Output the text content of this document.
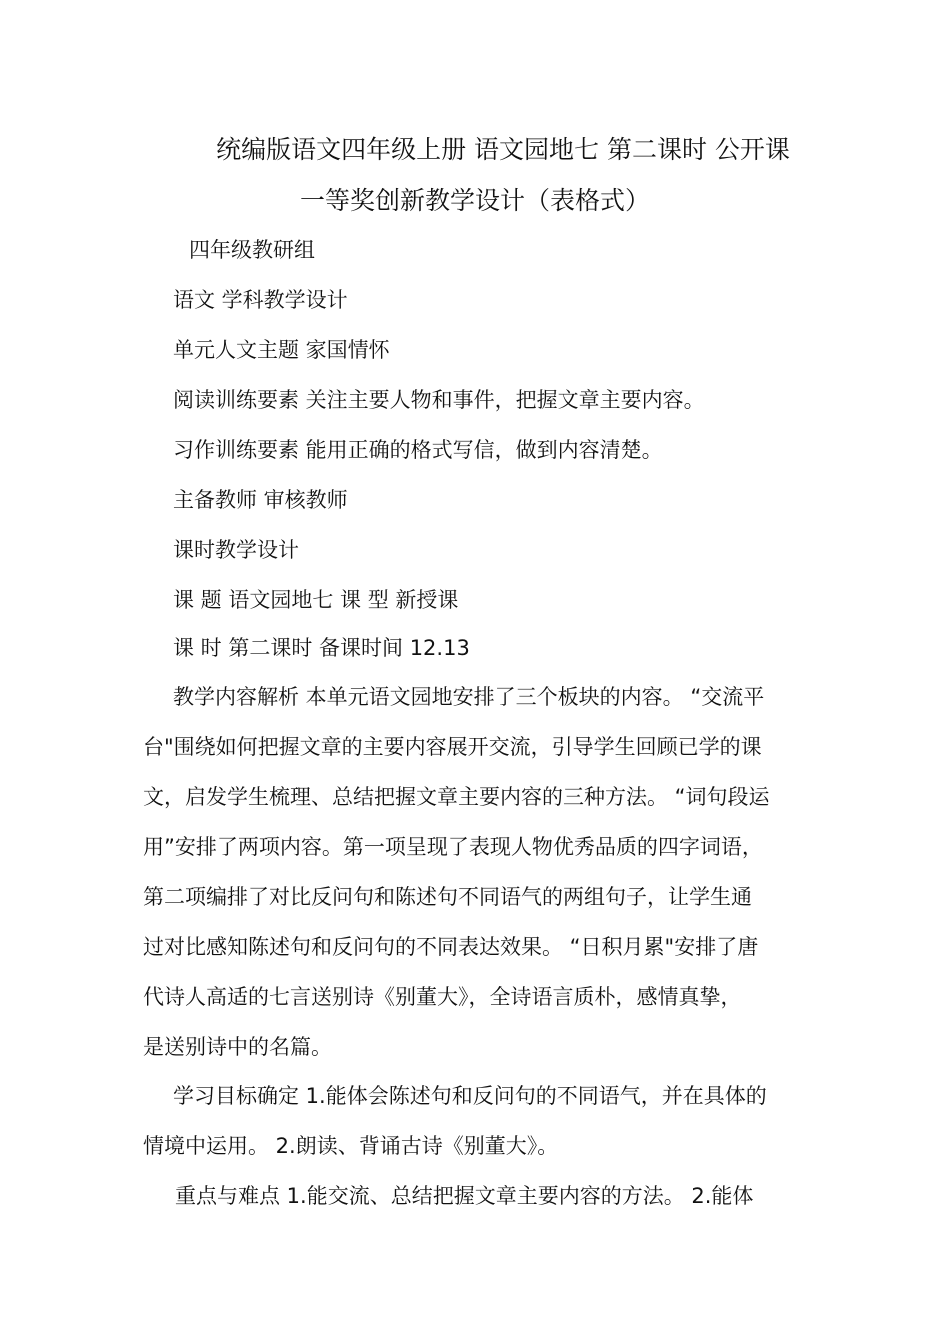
统编版语文四年级上册 语文园地七 第二课时 公开课
一等奖创新教学设计（表格式）
四年级教研组
语文 学科教学设计
单元人文主题 家国情怀
阅读训练要素 关注主要人物和事件，把握文章主要内容。
习作训练要素 能用正确的格式写信，做到内容清楚。
主备教师 审核教师
课时教学设计
课 题 语文园地七 课 型 新授课
课 时 第二课时 备课时间 12.13
教学内容解析 本单元语文园地安排了三个板块的内容。 “交流平
台"围绕如何把握文章的主要内容展开交流，引导学生回顾已学的课
文，启发学生梳理、总结把握文章主要内容的三种方法。 “词句段运
用”安排了两项内容。第一项呈现了表现人物优秀品质的四字词语，
第二项编排了对比反问句和陈述句不同语气的两组句子，让学生通
过对比感知陈述句和反问句的不同表达效果。 “日积月累"安排了唐
代诗人高适的七言送别诗《别董大》，全诗语言质朴，感情真挚，
是送别诗中的名篇。
学习目标确定 1.能体会陈述句和反问句的不同语气，并在具体的
情境中运用。 2.朗读、背诵古诗《别董大》。
重点与难点 1.能交流、总结把握文章主要内容的方法。 2.能体
